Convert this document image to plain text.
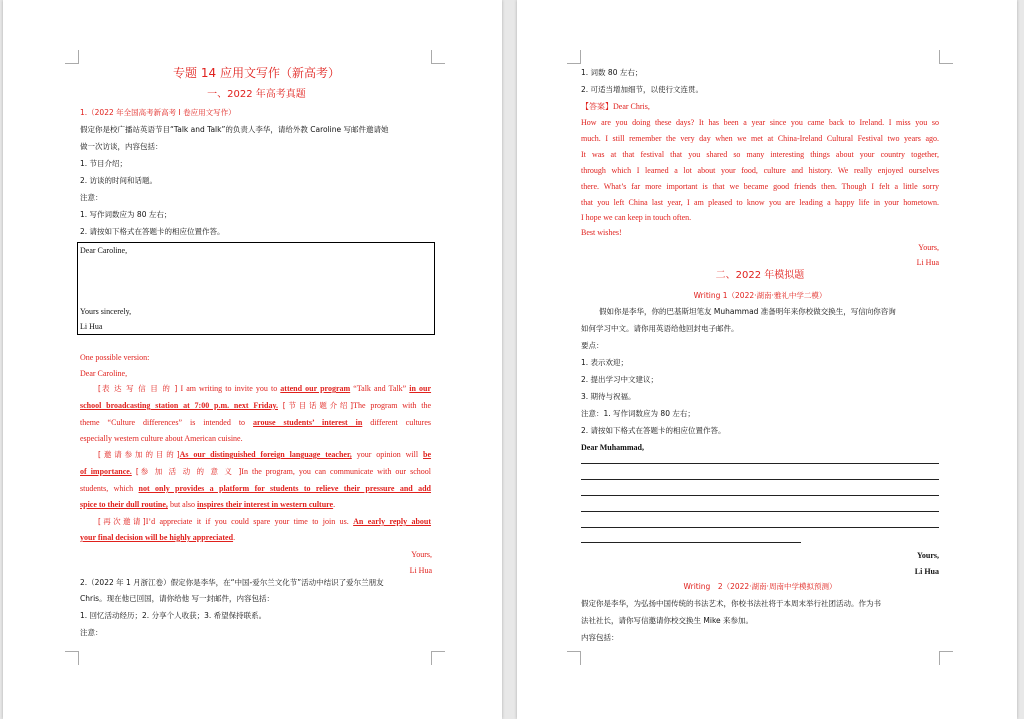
专题 14 应用文写作（新高考）
一、2022 年高考真题
1.（2022 年全国高考新高考 I 卷应用文写作）
假定你是校广播站英语节目“Talk and Talk”的负责人李华，请给外教 Caroline 写邮件邀请她
做一次访谈，内容包括：
1. 节目介绍；
2. 访谈的时间和话题。
注意：
1. 写作词数应为 80 左右；
2. 请按如下格式在答题卡的相应位置作答。
Dear Caroline,
Yours sincerely,
Li Hua
One possible version:
Dear Caroline,
[表 达 写 信 目 的 ] I am writing to invite you to attend our program “Talk and Talk” in our
school broadcasting station at 7:00 p.m. next Friday. [节目话题介绍]The program with the
theme “Culture differences” is intended to arouse students’ interest in different cultures
especially western culture about American cuisine.
[邀请参加的目的]As our distinguished foreign language teacher, your opinion will be
of importance. [参 加 活 动 的 意 义 ]In the program, you can communicate with our school
students, which not only provides a platform for students to relieve their pressure and add
spice to their dull routine, but also inspires their interest in western culture.
[再次邀请]I’d appreciate it if you could spare your time to join us. An early reply about
your final decision will be highly appreciated.
Yours,
Li Hua
2.（2022 年 1 月浙江卷）假定你是李华，在“中国-爱尔兰文化节”活动中结识了爱尔兰朋友
Chris。现在他已回国，请你给他 写一封邮件，内容包括：
1. 回忆活动经历；2. 分享个人收获；3. 希望保持联系。
注意：
1. 词数 80 左右；
2. 可适当增加细节，以使行文连贯。
【答案】Dear Chris,
How are you doing these days? It has been a year since you came back to Ireland. I miss you so
much. I still remember the very day when we met at China-Ireland Cultural Festival two years ago.
It was at that festival that you shared so many interesting things about your country together,
through which I learned a lot about your food, culture and history. We really enjoyed ourselves
there. What’s far more important is that we became good friends then. Though I felt a little sorry
that you left China last year, I am pleased to know you are leading a happy life in your hometown.
I hope we can keep in touch often.
Best wishes!
Yours,
Li Hua
二、2022 年模拟题
Writing 1（2022·湖南·雅礼中学二模）
假如你是李华，你的巴基斯坦笔友 Muhammad 准备明年来你校做交换生，写信向你咨询
如何学习中文。请你用英语给他回封电子邮件。
要点：
1. 表示欢迎；
2. 提出学习中文建议；
3. 期待与祝福。
注意：1. 写作词数应为 80 左右；
2. 请按如下格式在答题卡的相应位置作答。
Dear Muhammad,
Yours,
Li Hua
Writing　2（2022·湖南·周南中学模拟预测）
假定你是李华，为弘扬中国传统的书法艺术，你校书法社将于本周末举行社团活动。作为书
法社社长，请你写信邀请你校交换生 Mike 来参加。
内容包括：
